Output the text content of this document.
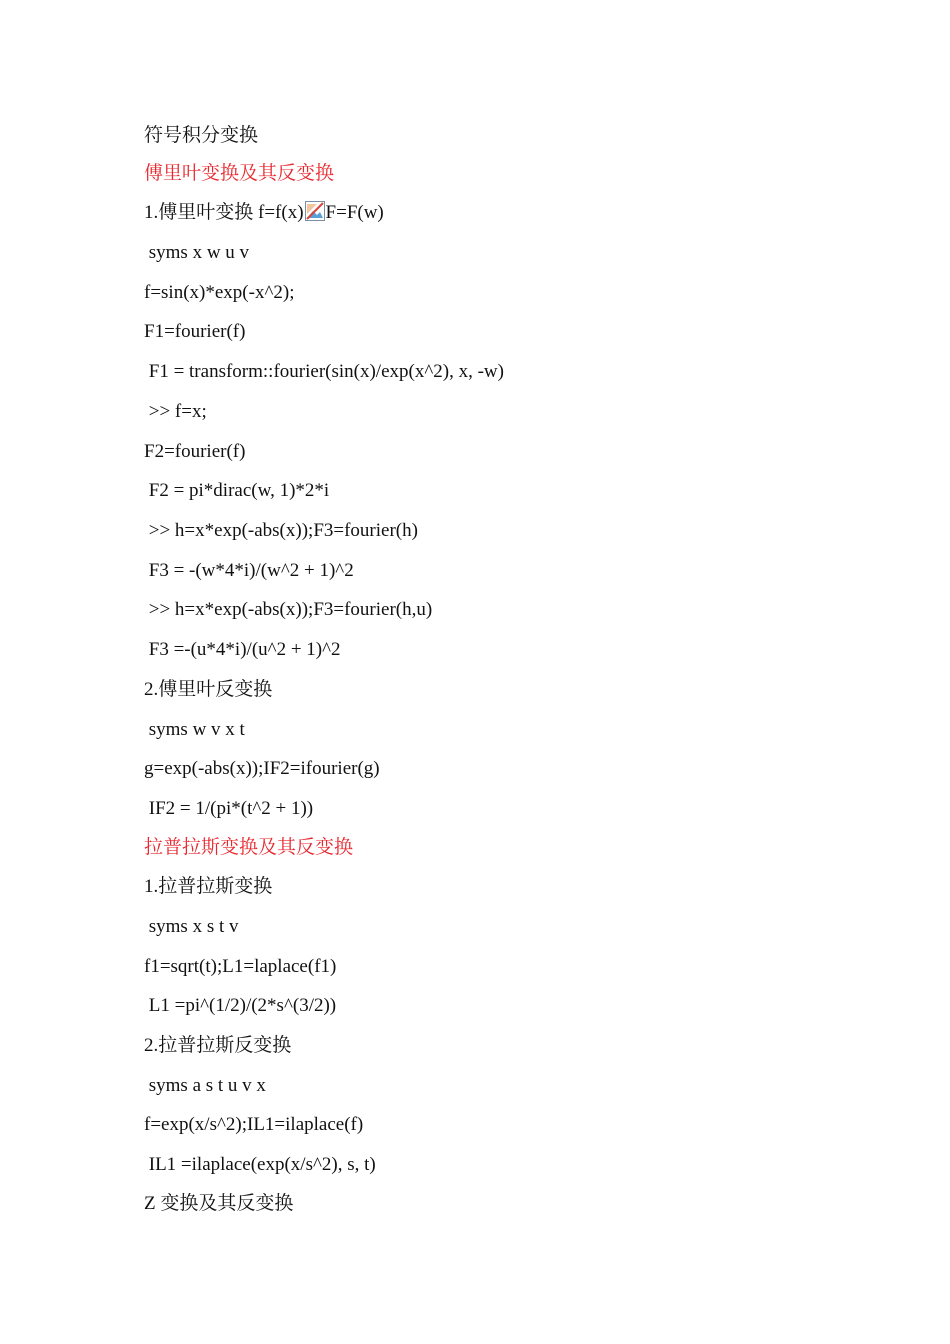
符号积分变换
傅里叶变换及其反变换
1.傅里叶变换 f=f(x) F=F(w)
syms x w u v
f=sin(x)*exp(-x^2);
F1=fourier(f)
F1 = transform::fourier(sin(x)/exp(x^2), x, -w)
>> f=x;
F2=fourier(f)
F2 = pi*dirac(w, 1)*2*i
>> h=x*exp(-abs(x));F3=fourier(h)
F3 = -(w*4*i)/(w^2 + 1)^2
>> h=x*exp(-abs(x));F3=fourier(h,u)
F3 =-(u*4*i)/(u^2 + 1)^2
2.傅里叶反变换
syms w v x t
g=exp(-abs(x));IF2=ifourier(g)
IF2 = 1/(pi*(t^2 + 1))
拉普拉斯变换及其反变换
1.拉普拉斯变换
syms x s t v
f1=sqrt(t);L1=laplace(f1)
L1 =pi^(1/2)/(2*s^(3/2))
2.拉普拉斯反变换
syms a s t u v x
f=exp(x/s^2);IL1=ilaplace(f)
IL1 =ilaplace(exp(x/s^2), s, t)
Z 变换及其反变换
